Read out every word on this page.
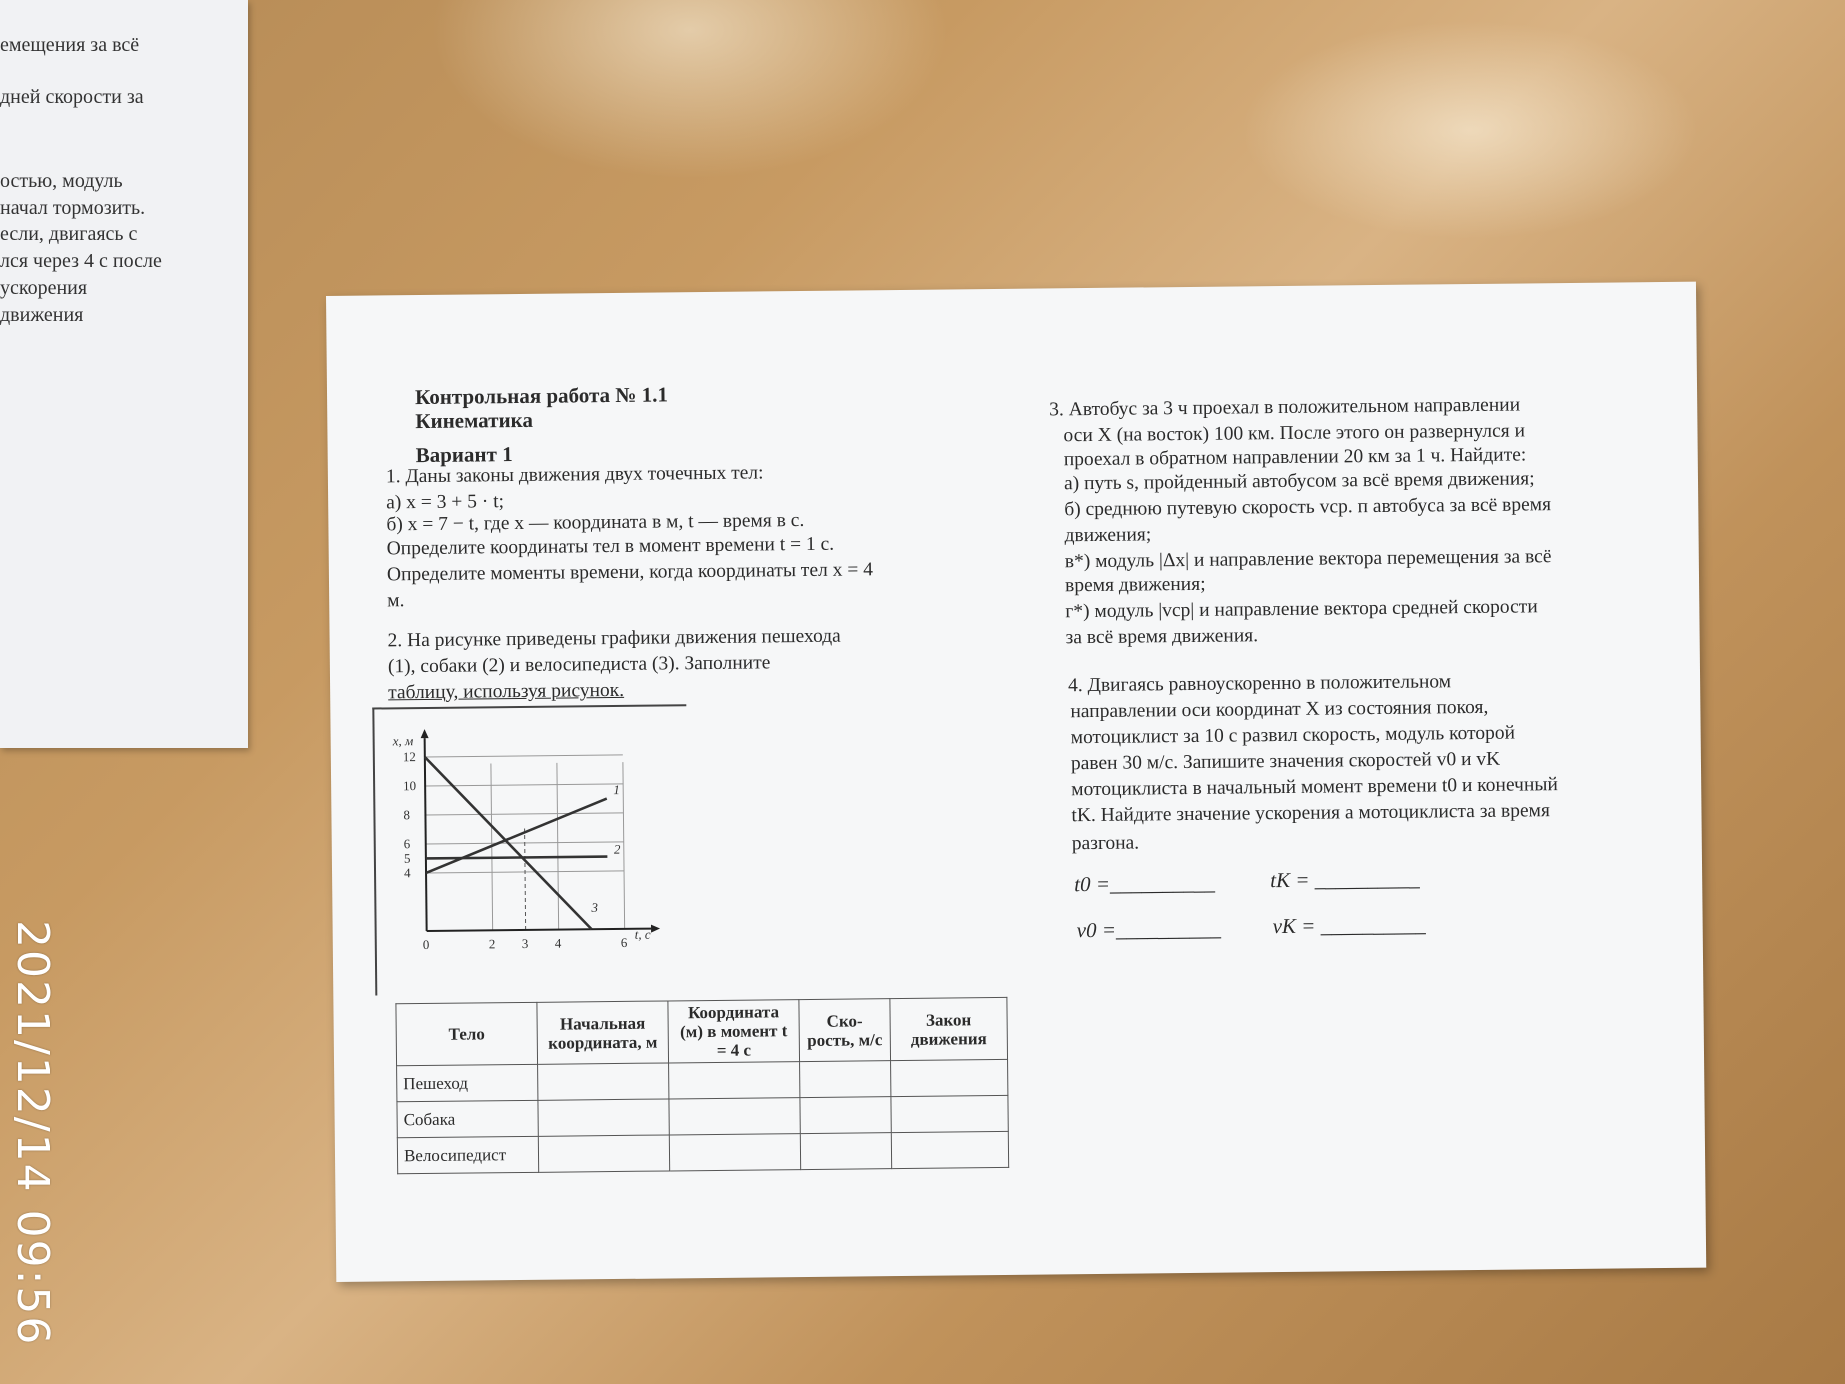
емещения за всё

дней скорости за

остью, модуль

начал тормозить.

если, двигаясь с

лся через 4 с после

ускорения

движения

Контрольная работа № 1.1

Кинематика

Вариант 1

1. Даны законы движения двух точечных тел:

а) x = 3 + 5 · t;

б) x = 7 − t, где x — координата в м, t — время в с.

Определите координаты тел в момент времени t = 1 с.

Определите моменты времени, когда координаты тел x = 4

м.

2. На рисунке приведены графики движения пешехода

(1), собаки (2) и велосипедиста (3). Заполните

таблицу, используя рисунок.

1
2
3
12
10
8
6
5
4
0	2 3 4	6
x, м
t, с
Тело	Начальная координата, м	Координата (м) в момент t = 4 с	Ско-рость, м/с	Закон движения
Пешеход				
Собака				
Велосипедист				

3. Автобус за 3 ч проехал в положительном направлении

оси X (на восток) 100 км. После этого он развернулся и

проехал в обратном направлении 20 км за 1 ч. Найдите:

а) путь s, пройденный автобусом за всё время движения;

б) среднюю путевую скорость vср. п автобуса за всё время

движения;

в*) модуль |Δx| и направление вектора перемещения за всё

время движения;

г*) модуль |vср| и направление вектора средней скорости

за всё время движения.

4. Двигаясь равноускоренно в положительном

направлении оси координат X из состояния покоя,

мотоциклист за 10 с развил скорость, модуль которой

равен 30 м/с. Запишите значения скоростей v0 и vK

мотоциклиста в начальный момент времени t0 и конечный

tK. Найдите значение ускорения a мотоциклиста за время

разгона.

t0 =__________	tK = __________

v0 =__________ vK = __________

2021/12/14 09:56
